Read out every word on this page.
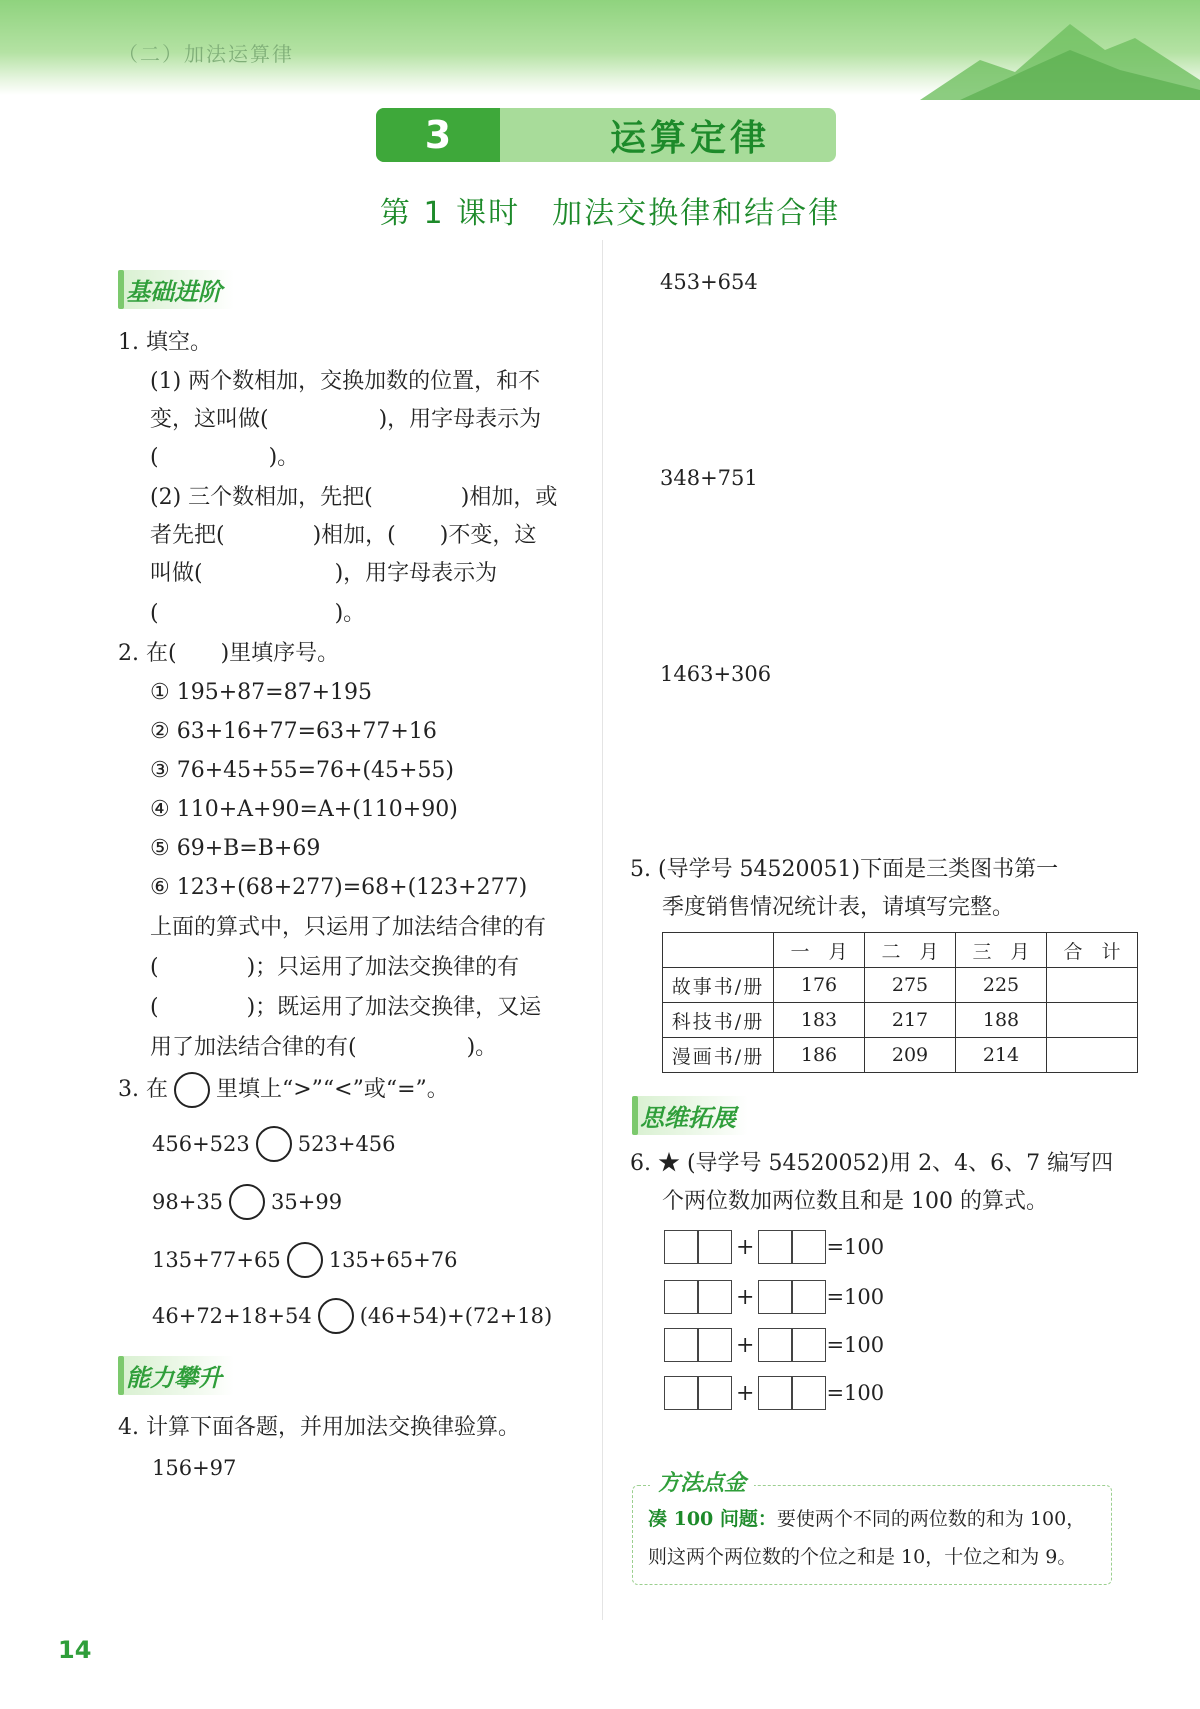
（二）加法运算律
3	运算定律
第 1 课时　加法交换律和结合律
基础进阶
1. 填空。
(1) 两个数相加，交换加数的位置，和不
变，这叫做(　　　　　)，用字母表示为
(　　　　　)。
(2) 三个数相加，先把(　　　　)相加，或
者先把(　　　　)相加，(　　)不变，这
叫做(　　　　　　)，用字母表示为
(　　　　　　　　)。
2. 在(　　)里填序号。
① 195+87=87+195
② 63+16+77=63+77+16
③ 76+45+55=76+(45+55)
④ 110+A+90=A+(110+90)
⑤ 69+B=B+69
⑥ 123+(68+277)=68+(123+277)
上面的算式中，只运用了加法结合律的有
(　　　　)；只运用了加法交换律的有
(　　　　)；既运用了加法交换律，又运
用了加法结合律的有(　　　　　)。
3. 在 里填上“>”“<”或“=”。
456+523 523+456
98+35 35+99
135+77+65 135+65+76
46+72+18+54 (46+54)+(72+18)
能力攀升
4. 计算下面各题，并用加法交换律验算。
156+97
453+654
348+751
1463+306
5. (导学号 54520051)下面是三类图书第一
季度销售情况统计表，请填写完整。
	一　月	二　月	三　月	合　计
故事书/册	176	275	225	
科技书/册	183	217	188	
漫画书/册	186	209	214	
思维拓展
6. ★ (导学号 54520052)用 2、4、6、7 编写四
个两位数加两位数且和是 100 的算式。
+	=100
+	=100
+	=100
+	=100
方法点金
凑 100 问题：要使两个不同的两位数的和为 100，
则这两个两位数的个位之和是 10，十位之和为 9。
14
